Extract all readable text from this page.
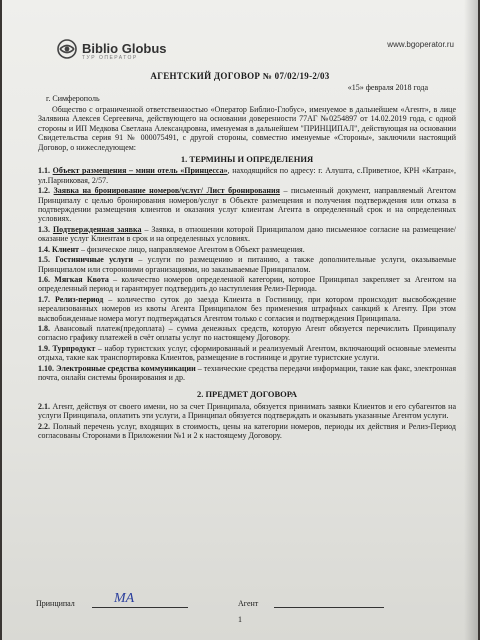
Biblio Globus
ТУР ОПЕРАТОР
www.bgoperator.ru
АГЕНТСКИЙ ДОГОВОР № 07/02/19-2/03
«15» февраля 2018 года
г. Симферополь

Общество с ограниченной ответственностью «Оператор Библио-Глобус», именуемое в дальнейшем «Агент», в лице Залявина Алексея Сергеевича, действующего на основании доверенности 77АГ №0254897 от 14.02.2019 года, с одной стороны и ИП Медкова Светлана Александровна, именуемая в дальнейшем "ПРИНЦИПАЛ", действующая на основании Свидетельства серия 91 № 000075491, с другой стороны, совместно именуемые «Стороны», заключили настоящий Договор, о нижеследующем:

1. ТЕРМИНЫ И ОПРЕДЕЛЕНИЯ

1.1. Объект размещения – мини отель «Принцесса», находящийся по адресу: г. Алушта, с.Приветное, КРН «Катран», ул.Парниковая, 2/57.

1.2. Заявка на бронирование номеров/услуг/ Лист бронирования – письменный документ, направляемый Агентом Принципалу с целью бронирования номеров/услуг в Объекте размещения и получения подтверждения или отказа в подтверждении размещения клиентов и оказания услуг клиентам Агента в определенный срок и на определенных условиях.

1.3. Подтвержденная заявка – Заявка, в отношении которой Принципалом дано письменное согласие на размещение/оказание услуг Клиентам в срок и на определенных условиях.

1.4. Клиент – физическое лицо, направляемое Агентом в Объект размещения.

1.5. Гостиничные услуги – услуги по размещению и питанию, а также дополнительные услуги, оказываемые Принципалом или сторонними организациями, но заказываемые Принципалом.

1.6. Мягкая Квота – количество номеров определенной категории, которое Принципал закрепляет за Агентом на определенный период и гарантирует подтвердить до наступления Релиз-Периода.

1.7. Релиз-период – количество суток до заезда Клиента в Гостиницу, при котором происходит высвобождение нереализованных номеров из квоты Агента Принципалом без применения штрафных санкций к Агенту. При этом высвобожденные номера могут подтверждаться Агентом только с согласия и подтверждения Принципала.

1.8. Авансовый платеж(предоплата) – сумма денежных средств, которую Агент обязуется перечислить Принципалу согласно графику платежей в счёт оплаты услуг по настоящему Договору.

1.9. Турпродукт – набор туристских услуг, сформированный и реализуемый Агентом, включающий основные элементы отдыха, такие как транспортировка Клиентов, размещение в гостинице и другие туристские услуги.

1.10. Электронные средства коммуникации – технические средства передачи информации, такие как факс, электронная почта, онлайн системы бронирования и др.

2. ПРЕДМЕТ ДОГОВОРА

2.1. Агент, действуя от своего имени, но за счет Принципала, обязуется принимать заявки Клиентов и его субагентов на услуги Принципала, оплатить эти услуги, а Принципал обязуется подтверждать и оказывать указанные Агентом услуги.

2.2. Полный перечень услуг, входящих в стоимость, цены на категории номеров, периоды их действия и Релиз-Период согласованы Сторонами в Приложении №1 и 2 к настоящему Договору.

Принципал	МА	Агент
1
